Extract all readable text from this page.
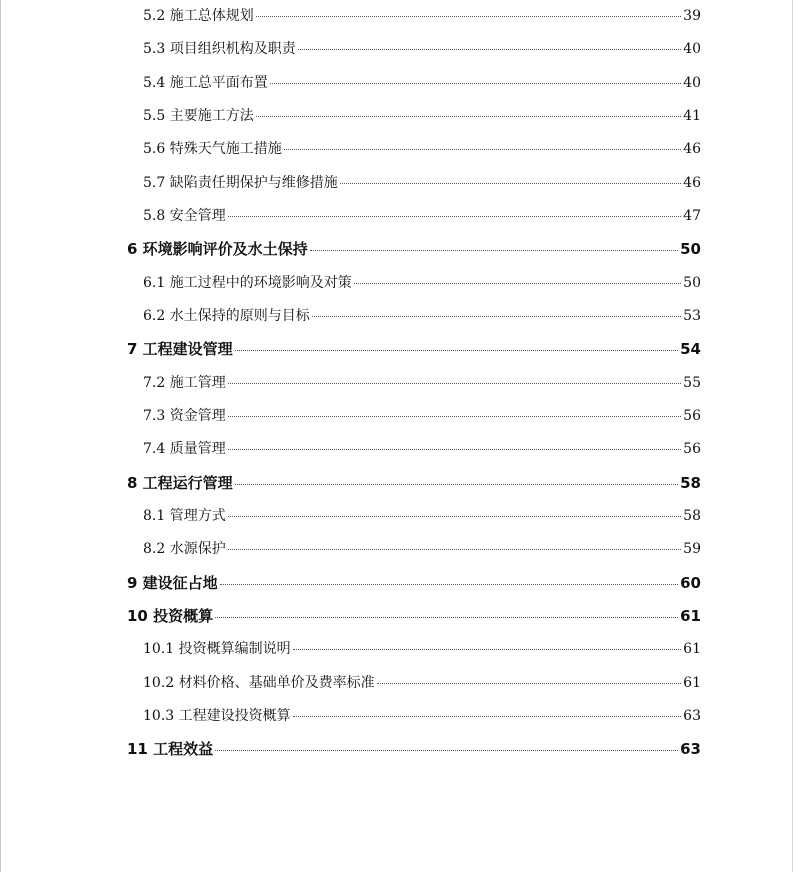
5.2 施工总体规划	39
5.3 项目组织机构及职责	40
5.4 施工总平面布置	40
5.5 主要施工方法	41
5.6 特殊天气施工措施	46
5.7 缺陷责任期保护与维修措施	46
5.8 安全管理	47
6 环境影响评价及水土保持	50
6.1 施工过程中的环境影响及对策	50
6.2 水土保持的原则与目标	53
7 工程建设管理	54
7.2 施工管理	55
7.3 资金管理	56
7.4 质量管理	56
8 工程运行管理	58
8.1 管理方式	58
8.2 水源保护	59
9 建设征占地	60
10 投资概算	61
10.1 投资概算编制说明	61
10.2 材料价格、基础单价及费率标准	61
10.3 工程建设投资概算	63
11 工程效益	63
